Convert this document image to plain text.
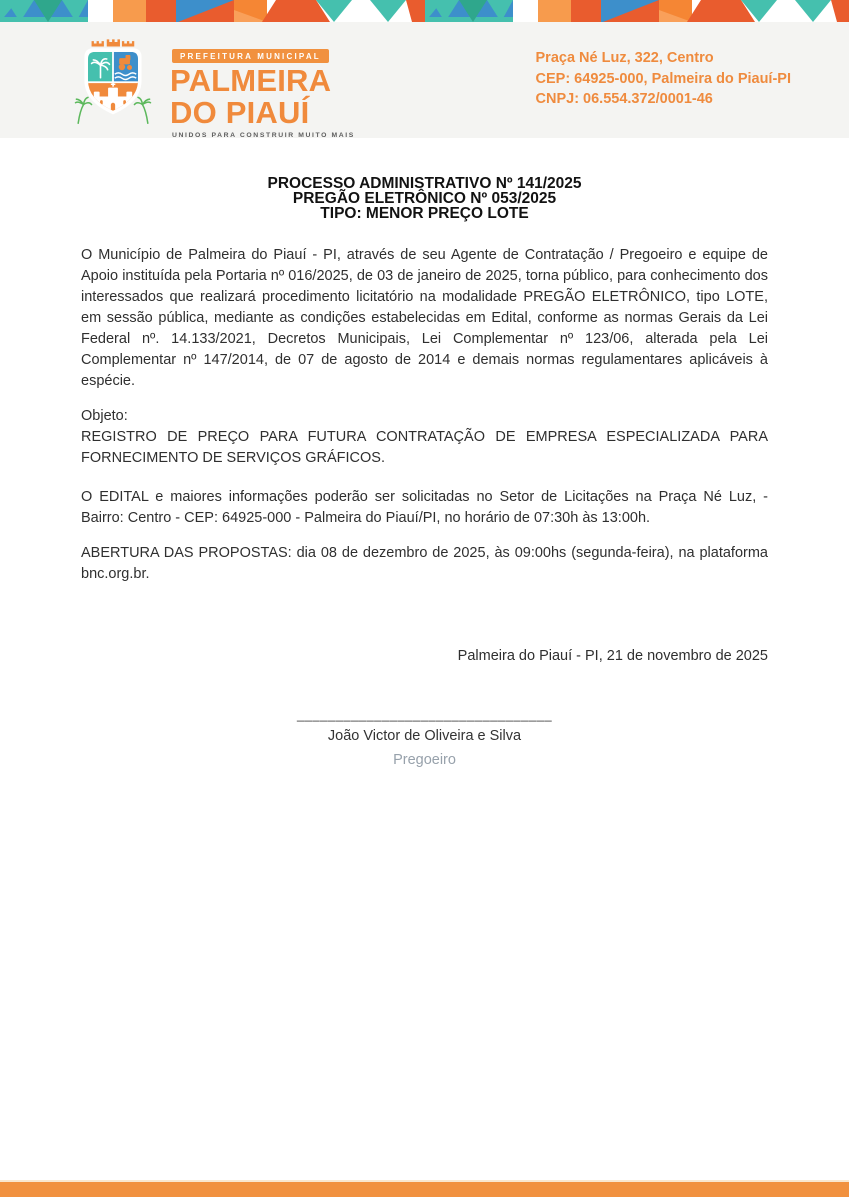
PREFEITURA MUNICIPAL
PALMEIRA
DO PIAUÍ
UNIDOS PARA CONSTRUIR MUITO MAIS
Praça Né Luz, 322, Centro
CEP: 64925-000, Palmeira do Piauí-PI
CNPJ: 06.554.372/0001-46
PROCESSO ADMINISTRATIVO Nº 141/2025
PREGÃO ELETRÔNICO Nº 053/2025
TIPO: MENOR PREÇO LOTE

O Município de Palmeira do Piauí - PI, através de seu Agente de Contratação / Pregoeiro e equipe de Apoio instituída pela Portaria nº 016/2025, de 03 de janeiro de 2025, torna público, para conhecimento dos interessados que realizará procedimento licitatório na modalidade PREGÃO ELETRÔNICO, tipo LOTE, em sessão pública, mediante as condições estabelecidas em Edital, conforme as normas Gerais da Lei Federal nº. 14.133/2021, Decretos Municipais, Lei Complementar nº 123/06, alterada pela Lei Complementar nº 147/2014, de 07 de agosto de 2014 e demais normas regulamentares aplicáveis à espécie.

Objeto:

REGISTRO DE PREÇO PARA FUTURA CONTRATAÇÃO DE EMPRESA ESPECIALIZADA PARA FORNECIMENTO DE SERVIÇOS GRÁFICOS.

O EDITAL e maiores informações poderão ser solicitadas no Setor de Licitações na Praça Né Luz, - Bairro: Centro - CEP: 64925-000 - Palmeira do Piauí/PI, no horário de 07:30h às 13:00h.

ABERTURA DAS PROPOSTAS: dia 08 de dezembro de 2025, às 09:00hs (segunda-feira), na plataforma bnc.org.br.

Palmeira do Piauí - PI, 21 de novembro de 2025

_________________________________
João Victor de Oliveira e Silva
Pregoeiro
